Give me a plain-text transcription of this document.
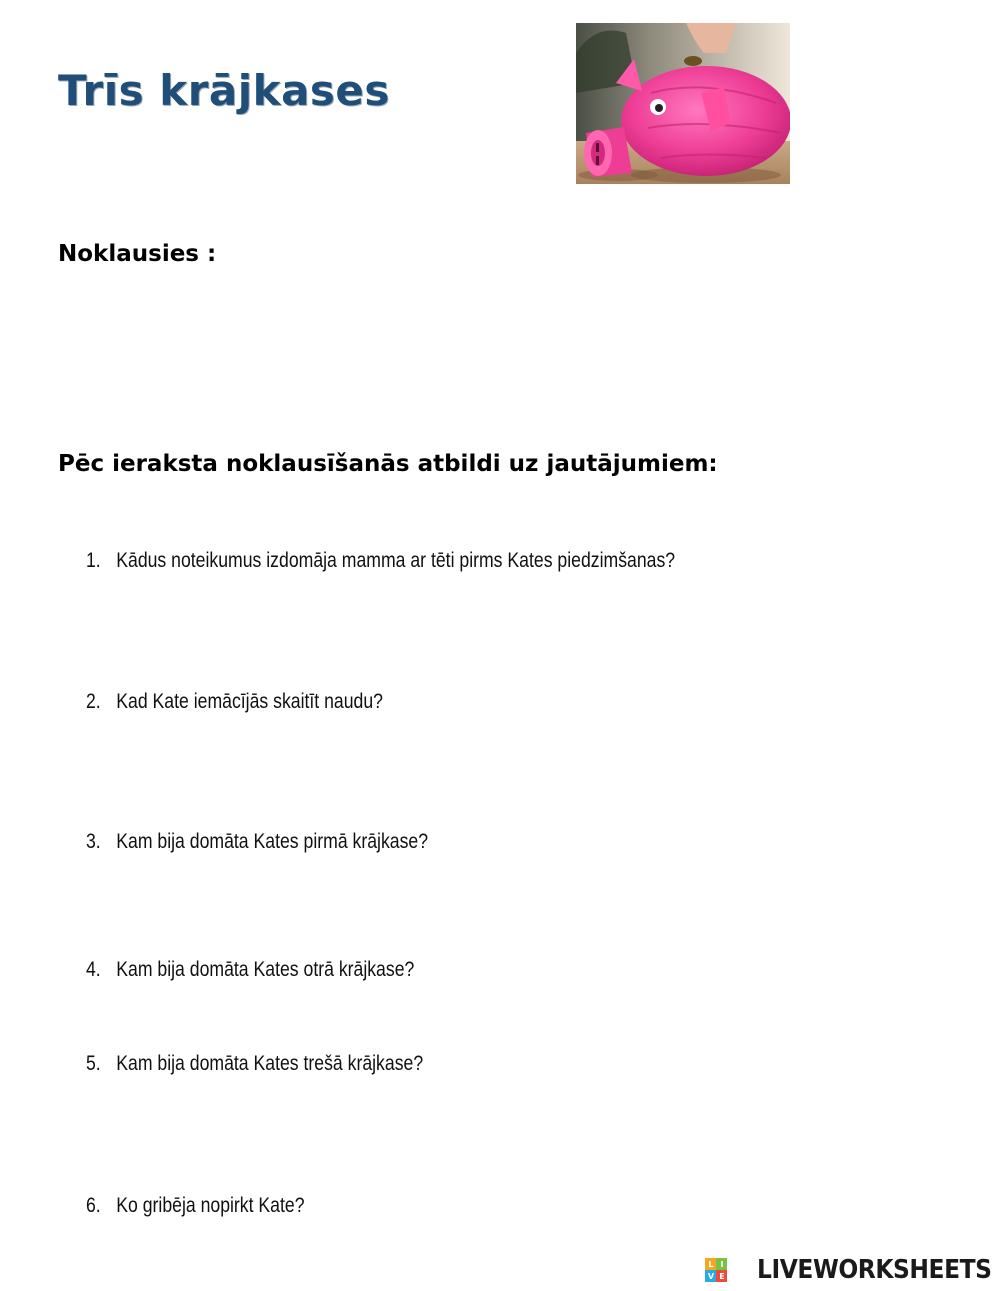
Trīs krājkases
Noklausies :
Pēc ieraksta noklausīšanās atbildi uz jautājumiem:

1. Kādus noteikumus izdomāja mamma ar tēti pirms Kates piedzimšanas?

2. Kad Kate iemācījās skaitīt naudu?

3. Kam bija domāta Kates pirmā krājkase?

4. Kam bija domāta Kates otrā krājkase?

5. Kam bija domāta Kates trešā krājkase?

6. Ko gribēja nopirkt Kate?

L I
V E LIVEWORKSHEETS
